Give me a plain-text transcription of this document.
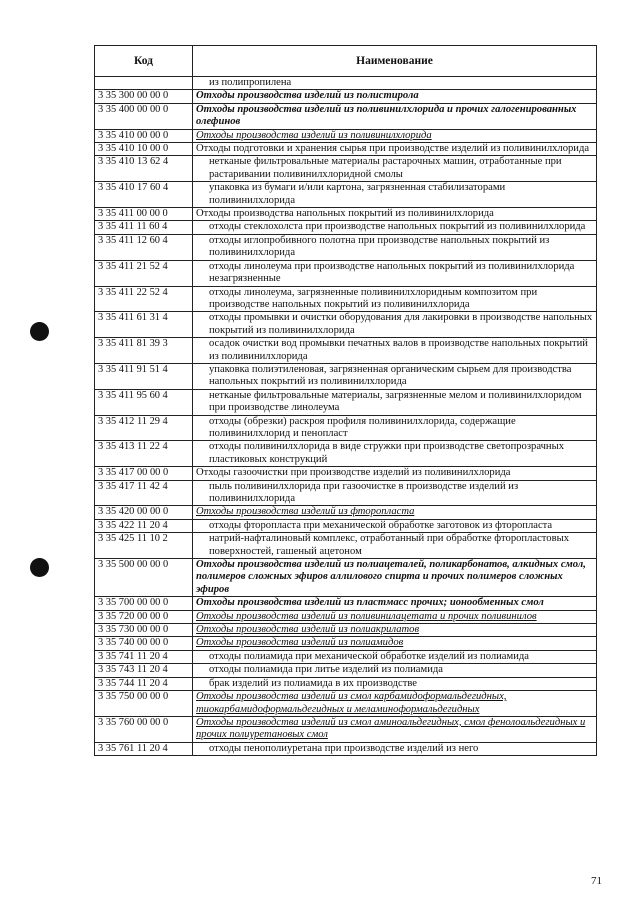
Код	Наименование
	из полипропилена
3 35 300 00 00 0	Отходы производства изделий из полистирола
3 35 400 00 00 0	Отходы производства изделий из поливинилхлорида и прочих галогенированных олефинов
3 35 410 00 00 0	Отходы производства изделий из поливинилхлорида
3 35 410 10 00 0	Отходы подготовки и хранения сырья при производстве изделий из поливинилхлорида
3 35 410 13 62 4	нетканые фильтровальные материалы растарочных машин, отработанные при растаривании поливинилхлоридной смолы
3 35 410 17 60 4	упаковка из бумаги и/или картона, загрязненная стабилизаторами поливинилхлорида
3 35 411 00 00 0	Отходы производства напольных покрытий из поливинилхлорида
3 35 411 11 60 4	отходы стеклохолста при производстве напольных покрытий из поливинилхлорида
3 35 411 12 60 4	отходы иглопробивного полотна при производстве напольных покрытий из поливинилхлорида
3 35 411 21 52 4	отходы линолеума при производстве напольных покрытий из поливинилхлорида незагрязненные
3 35 411 22 52 4	отходы линолеума, загрязненные поливинилхлоридным композитом при производстве напольных покрытий из поливинилхлорида
3 35 411 61 31 4	отходы промывки и очистки оборудования для лакировки в производстве напольных покрытий из поливинилхлорида
3 35 411 81 39 3	осадок очистки вод промывки печатных валов в производстве напольных покрытий из поливинилхлорида
3 35 411 91 51 4	упаковка полиэтиленовая, загрязненная органическим сырьем для производства напольных покрытий из поливинилхлорида
3 35 411 95 60 4	нетканые фильтровальные материалы, загрязненные мелом и поливинилхлоридом при производстве линолеума
3 35 412 11 29 4	отходы (обрезки) раскроя профиля поливинилхлорида, содержащие поливинилхлорид и пенопласт
3 35 413 11 22 4	отходы поливинилхлорида в виде стружки при производстве светопрозрачных пластиковых конструкций
3 35 417 00 00 0	Отходы газоочистки при производстве изделий из поливинилхлорида
3 35 417 11 42 4	пыль поливинилхлорида при газоочистке в производстве изделий из поливинилхлорида
3 35 420 00 00 0	Отходы производства изделий из фторопласта
3 35 422 11 20 4	отходы фторопласта при механической обработке заготовок из фторопласта
3 35 425 11 10 2	натрий-нафталиновый комплекс, отработанный при обработке фторопластовых поверхностей, гашеный ацетоном
3 35 500 00 00 0	Отходы производства изделий из полиацеталей, поликарбонатов, алкидных смол, полимеров сложных эфиров аллилового спирта и прочих полимеров сложных эфиров
3 35 700 00 00 0	Отходы производства изделий из пластмасс прочих; ионообменных смол
3 35 720 00 00 0	Отходы производства изделий из поливинилацетата и прочих поливинилов
3 35 730 00 00 0	Отходы производства изделий из полиакрилатов
3 35 740 00 00 0	Отходы производства изделий из полиамидов
3 35 741 11 20 4	отходы полиамида при механической обработке изделий из полиамида
3 35 743 11 20 4	отходы полиамида при литье изделий из полиамида
3 35 744 11 20 4	брак изделий из полиамида в их производстве
3 35 750 00 00 0	Отходы производства изделий из смол карбамидоформальдегидных, тиокарбамидоформальдегидных и меламиноформальдегидных
3 35 760 00 00 0	Отходы производства изделий из смол аминоальдегидных, смол фенолоальдегидных и прочих полиуретановых смол
3 35 761 11 20 4	отходы пенополиуретана при производстве изделий из него
71
